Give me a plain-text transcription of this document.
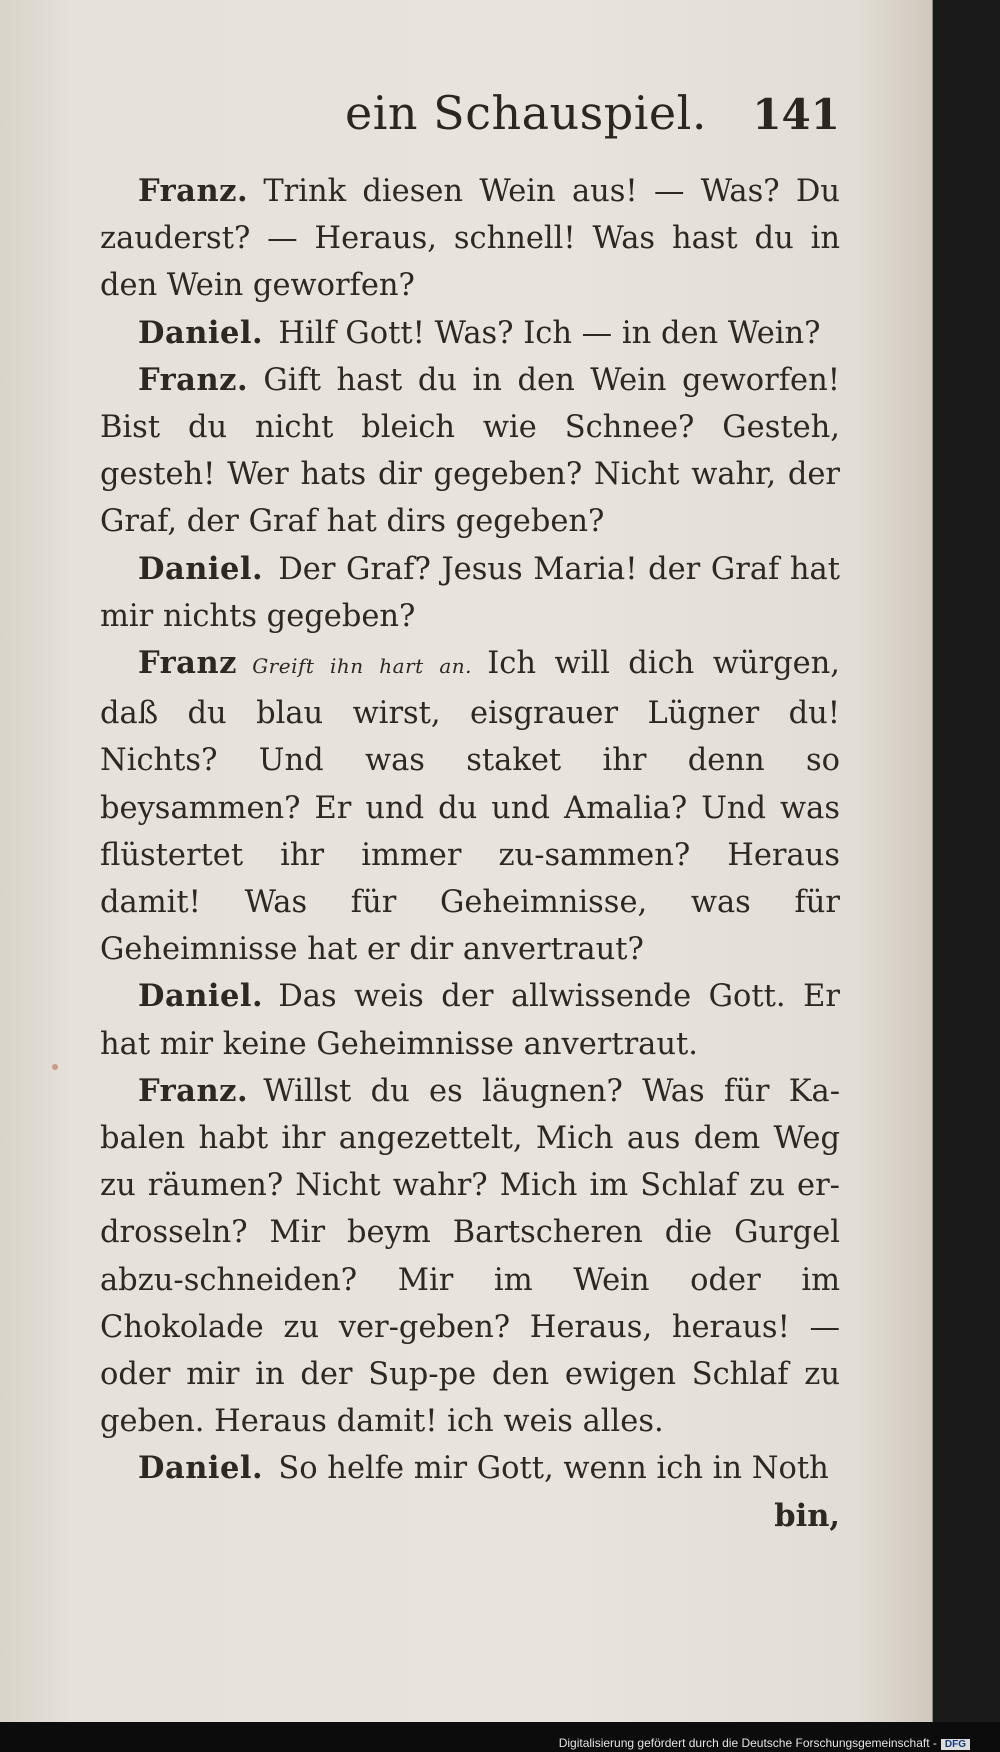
ein Schauspiel. 141

Franz.  Trink diesen Wein aus! — Was? Du zauderst? — Heraus, schnell! Was hast du in den Wein geworfen?

Daniel.  Hilf Gott! Was? Ich — in den Wein?

Franz.  Gift hast du in den Wein geworfen! Bist du nicht bleich wie Schnee? Gesteh, gesteh! Wer hats dir gegeben? Nicht wahr, der Graf, der Graf hat dirs gegeben?

Daniel.  Der Graf? Jesus Maria! der Graf hat mir nichts gegeben?

Franz  Greift ihn hart an.  Ich will dich würgen, daß du blau wirst, eisgrauer Lügner du! Nichts? Und was staket ihr denn so beysammen? Er und du und Amalia? Und was flüstertet ihr immer zu-sammen? Heraus damit! Was für Geheimnisse, was für Geheimnisse hat er dir anvertraut?

Daniel.  Das weis der allwissende Gott. Er hat mir keine Geheimnisse anvertraut.

Franz.  Willst du es läugnen? Was für Ka-balen habt ihr angezettelt, Mich aus dem Weg zu räumen? Nicht wahr? Mich im Schlaf zu er-drosseln? Mir beym Bartscheren die Gurgel abzu-schneiden? Mir im Wein oder im Chokolade zu ver-geben? Heraus, heraus! — oder mir in der Sup-pe den ewigen Schlaf zu geben. Heraus damit! ich weis alles.

Daniel.  So helfe mir Gott, wenn ich in Noth

bin,
Digitalisierung gefördert durch die Deutsche Forschungsgemeinschaft - DFG
